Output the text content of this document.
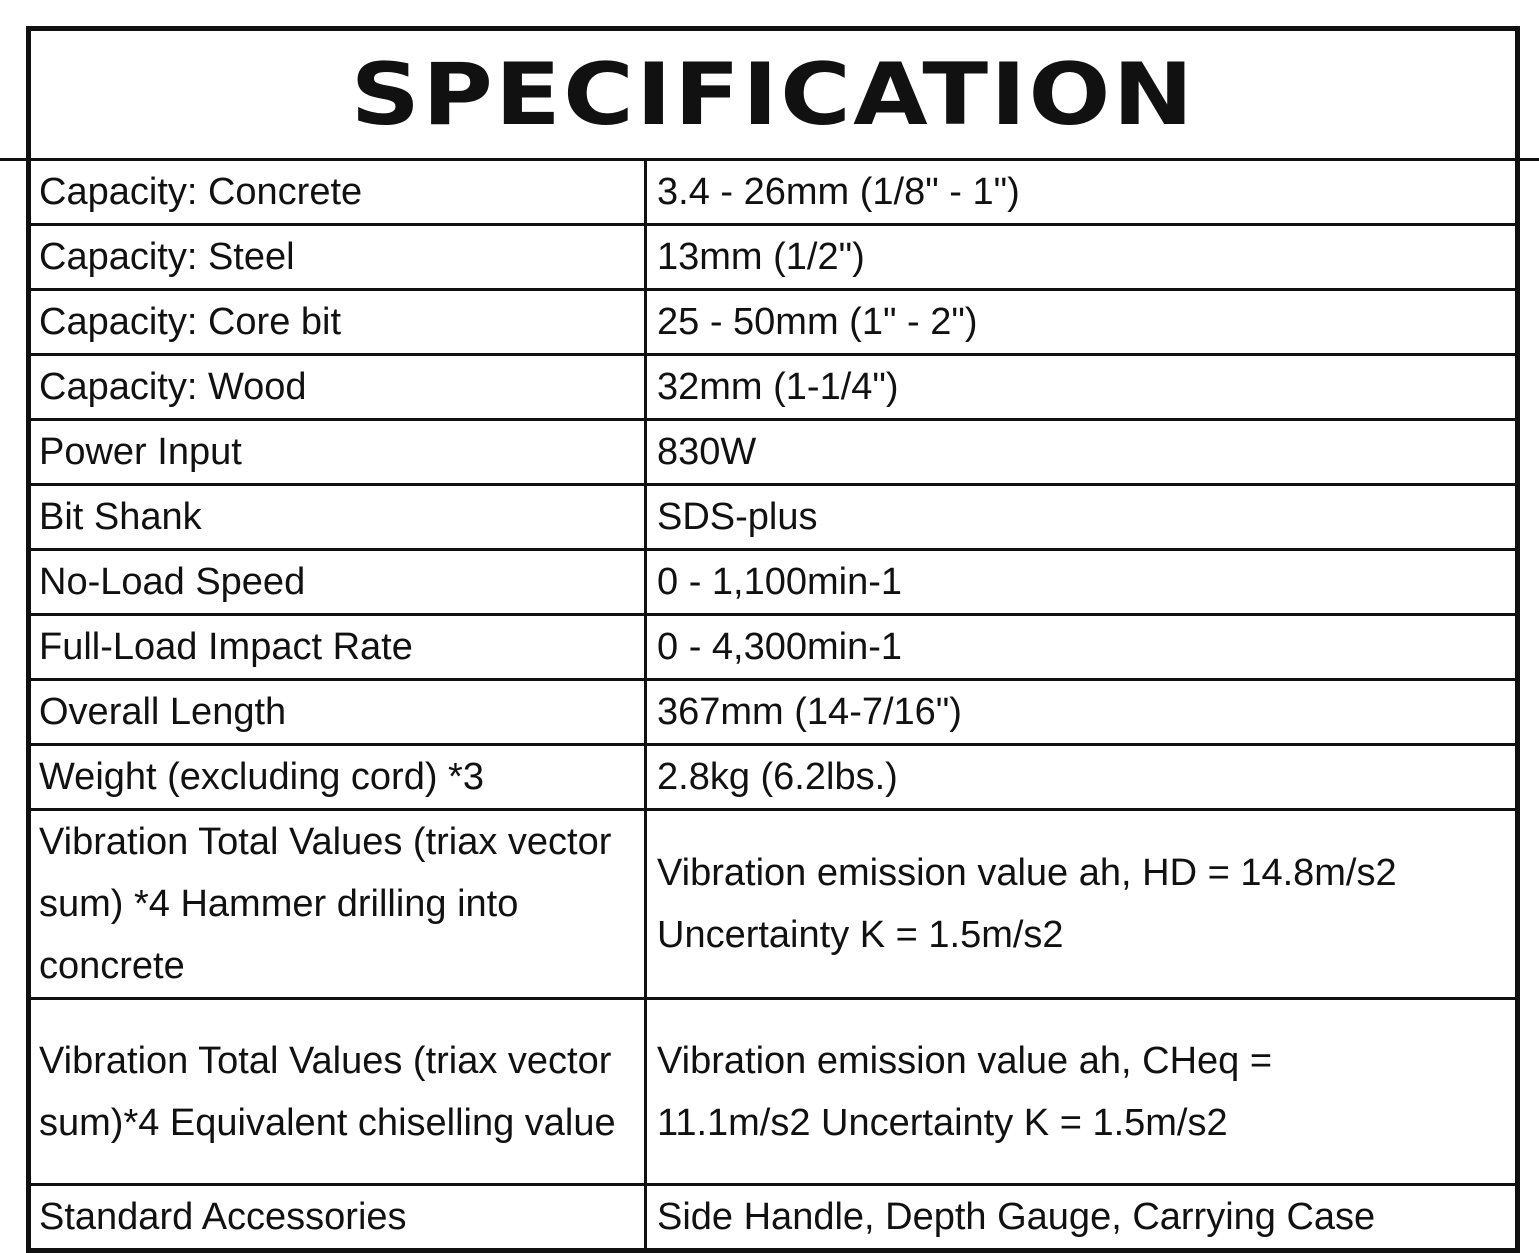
SPECIFICATION
Capacity: Concrete	3.4 - 26mm (1/8" - 1")
Capacity: Steel	13mm (1/2")
Capacity: Core bit	25 - 50mm (1" - 2")
Capacity: Wood	32mm (1-1/4")
Power Input	830W
Bit Shank	SDS-plus
No-Load Speed	0 - 1,100min-1
Full-Load Impact Rate	0 - 4,300min-1
Overall Length	367mm (14-7/16")
Weight (excluding cord) *3	2.8kg (6.2lbs.)
Vibration Total Values (triax vector sum) *4 Hammer drilling into concrete	Vibration emission value ah, HD = 14.8m/s2
Uncertainty K = 1.5m/s2

Vibration Total Values (triax vector sum)*4 Equivalent chiselling value	Vibration emission value ah, CHeq =
11.1m/s2 Uncertainty K = 1.5m/s2

Standard Accessories	Side Handle, Depth Gauge, Carrying Case
